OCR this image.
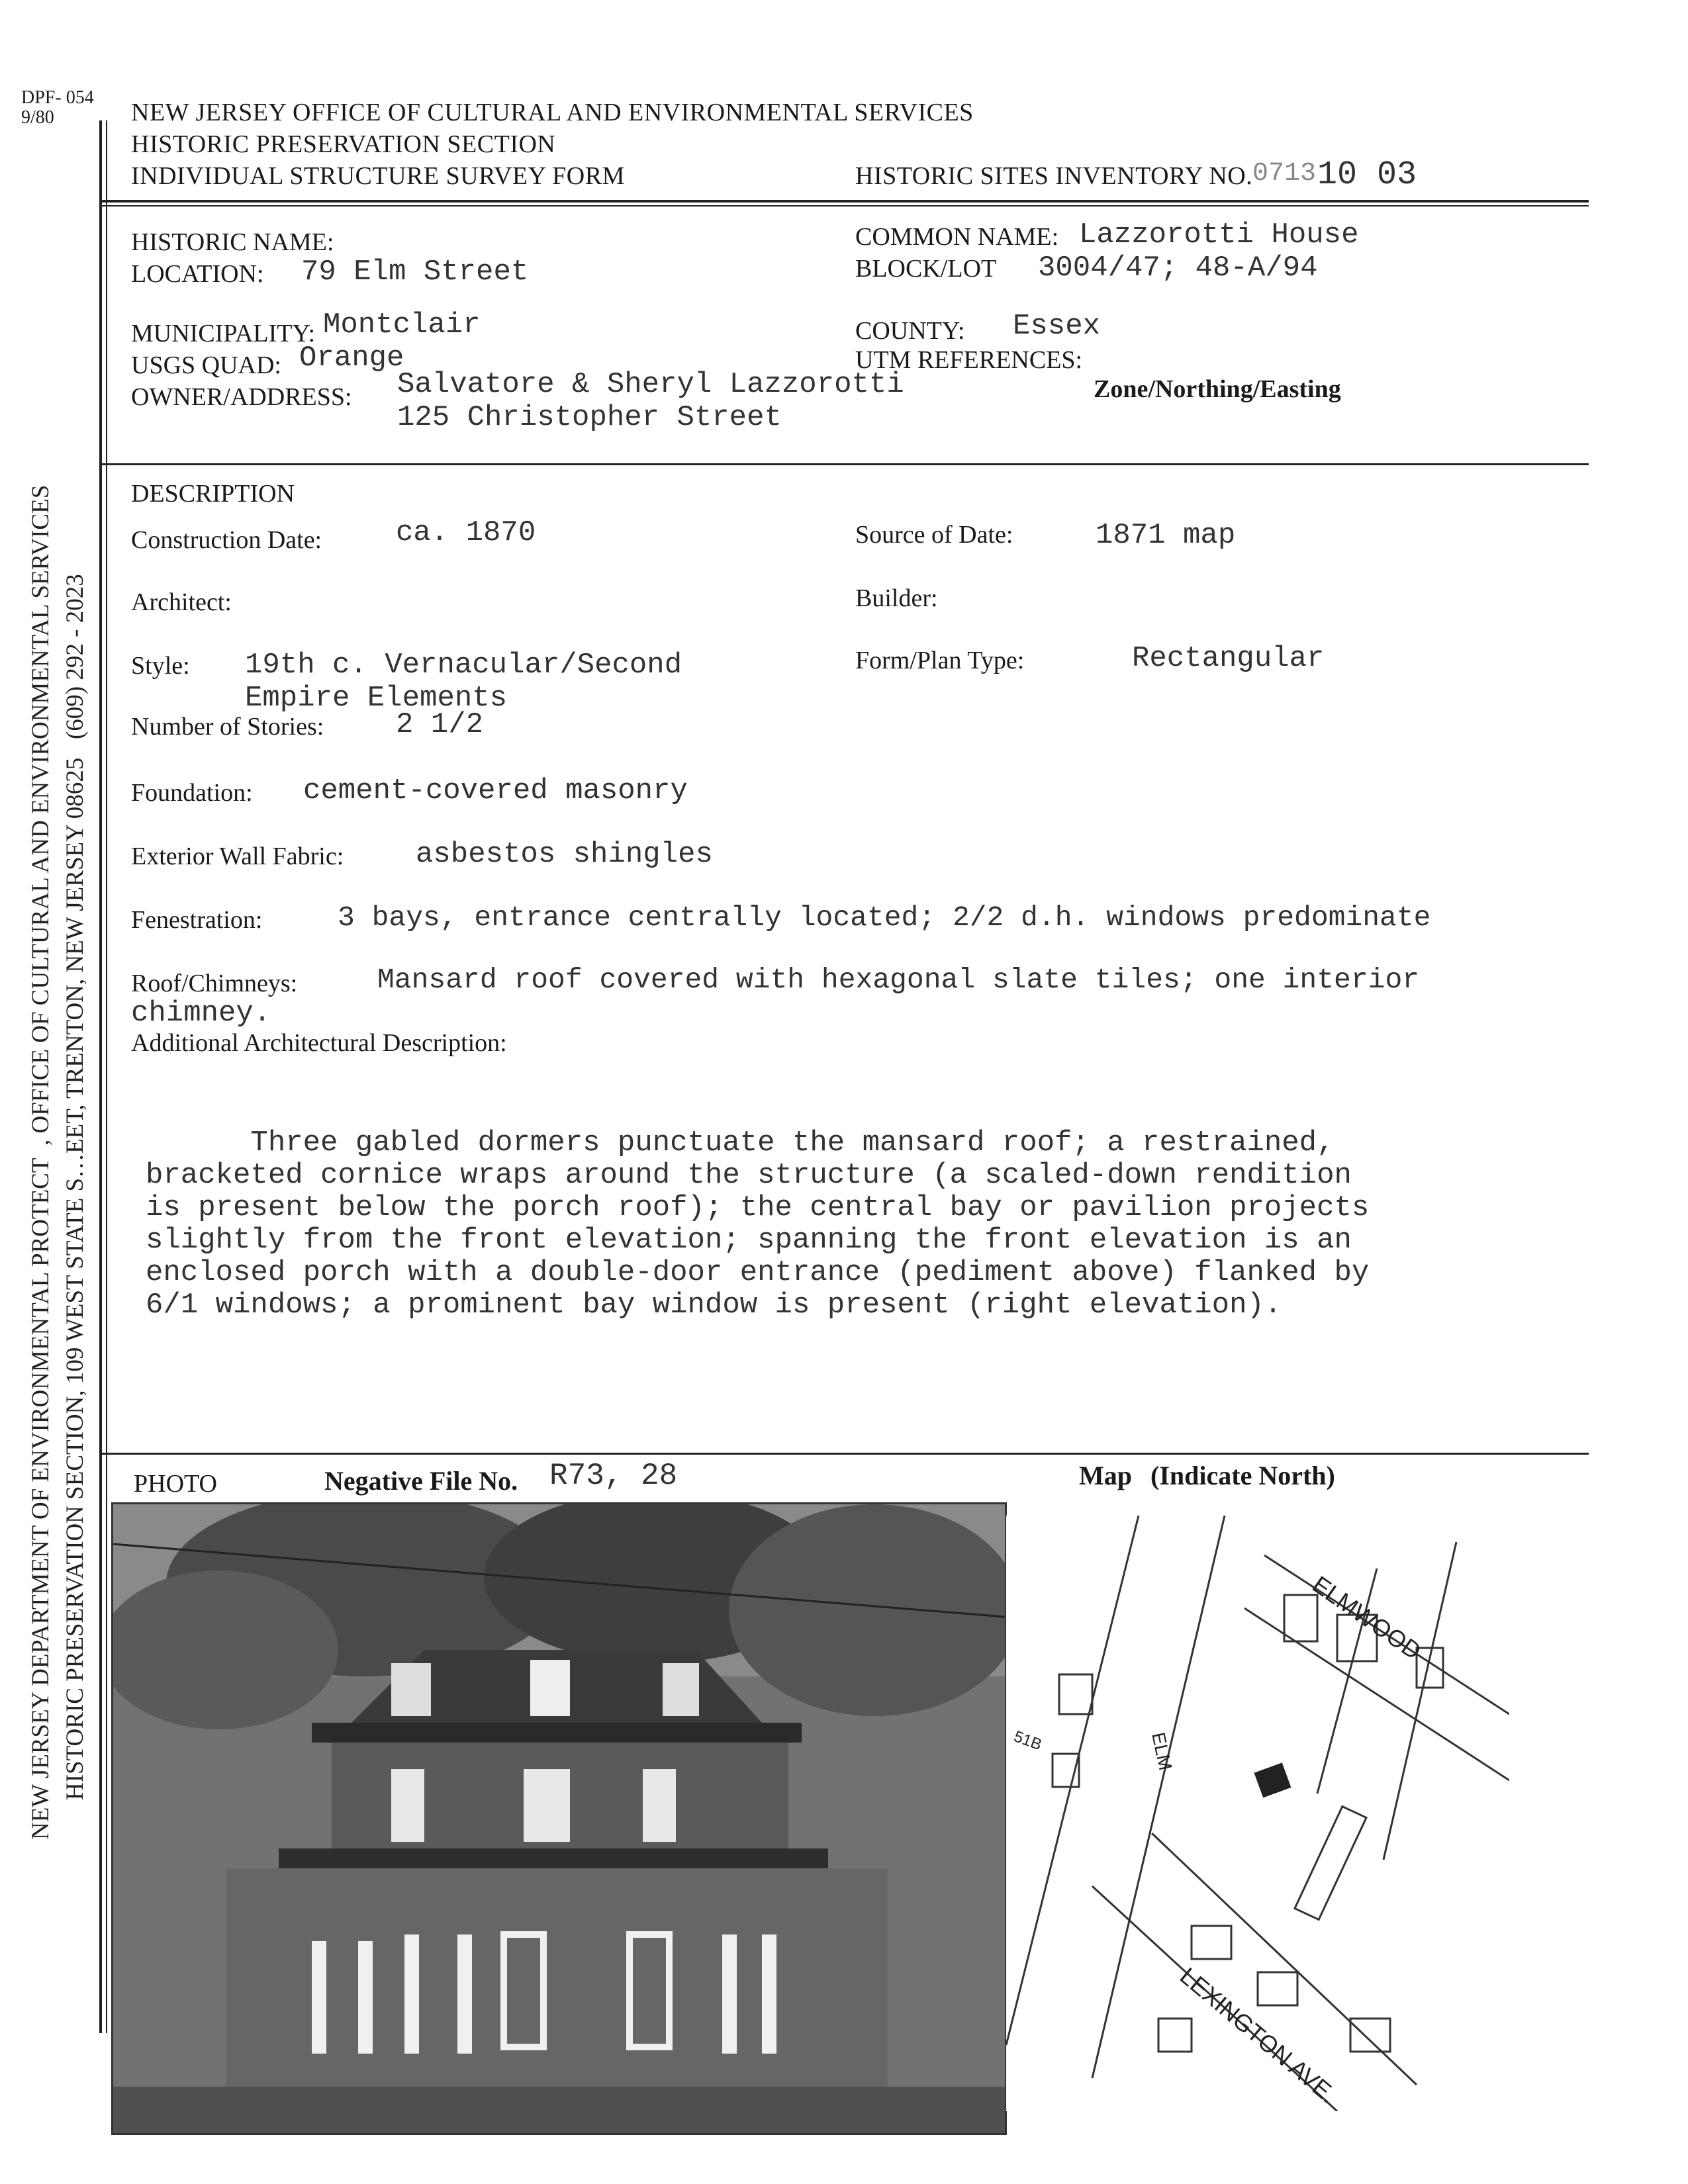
DPF- 054
9/80	NEW JERSEY OFFICE OF CULTURAL AND ENVIRONMENTAL SERVICES
HISTORIC PRESERVATION SECTION
INDIVIDUAL STRUCTURE SURVEY FORM	HISTORIC SITES INVENTORY NO. 0713 10 03
NEW JERSEY DEPARTMENT OF ENVIRONMENTAL PROTECT  , OFFICE OF CULTURAL AND ENVIRONMENTAL SERVICES HISTORIC PRESERVATION SECTION, 109 WEST STATE S…EET, TRENTON, NEW JERSEY 08625   (609) 292 - 2023
HISTORIC NAME:	COMMON NAME: Lazzorotti House
LOCATION: 79 Elm Street	BLOCK/LOT 3004/47; 48-A/94
MUNICIPALITY: Montclair	COUNTY: Essex
USGS QUAD: Orange	UTM REFERENCES:
OWNER/ADDRESS: Salvatore & Sheryl Lazzorotti
125 Christopher Street
Zone/Northing/Easting
DESCRIPTION
Construction Date:	ca. 1870	Source of Date:	1871 map
Architect:	Builder:
Style: 19th c. Vernacular/Second
Empire Elements
Form/Plan Type:	Rectangular
Number of Stories: 2 1/2
Foundation: cement-covered masonry
Exterior Wall Fabric: asbestos shingles
Fenestration:	3 bays, entrance centrally located; 2/2 d.h. windows predominate
Roof/Chimneys:	Mansard roof covered with hexagonal slate tiles; one interior
chimney.
Additional Architectural Description:

Three gabled dormers punctuate the mansard roof; a restrained,
bracketed cornice wraps around the structure (a scaled-down rendition
is present below the porch roof); the central bay or pavilion projects
slightly from the front elevation; spanning the front elevation is an
enclosed porch with a double-door entrance (pediment above) flanked by
6/1 windows; a prominent bay window is present (right elevation).

PHOTO	Negative File No. R73, 28	Map (Indicate North)
ELMWOOD
LEXINGTON AVE.
ELM
51B
